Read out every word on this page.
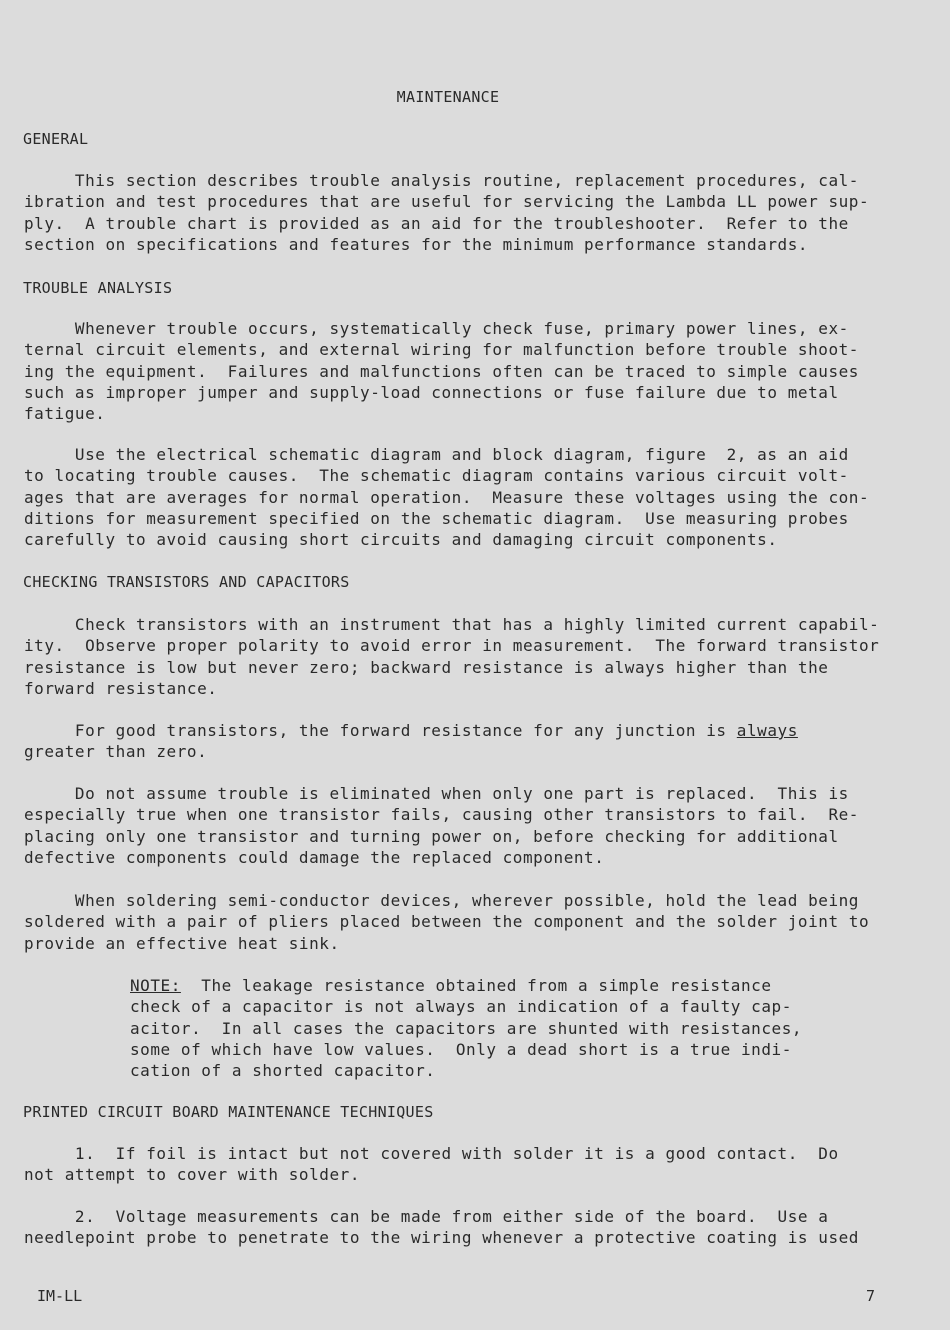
MAINTENANCE
GENERAL
This section describes trouble analysis routine, replacement procedures, cal-
ibration and test procedures that are useful for servicing the Lambda LL power sup-
ply.  A trouble chart is provided as an aid for the troubleshooter.  Refer to the
section on specifications and features for the minimum performance standards.
TROUBLE ANALYSIS
Whenever trouble occurs, systematically check fuse, primary power lines, ex-
ternal circuit elements, and external wiring for malfunction before trouble shoot-
ing the equipment.  Failures and malfunctions often can be traced to simple causes
such as improper jumper and supply-load connections or fuse failure due to metal
fatigue.
Use the electrical schematic diagram and block diagram, figure  2, as an aid
to locating trouble causes.  The schematic diagram contains various circuit volt-
ages that are averages for normal operation.  Measure these voltages using the con-
ditions for measurement specified on the schematic diagram.  Use measuring probes
carefully to avoid causing short circuits and damaging circuit components.
CHECKING TRANSISTORS AND CAPACITORS
Check transistors with an instrument that has a highly limited current capabil-
ity.  Observe proper polarity to avoid error in measurement.  The forward transistor
resistance is low but never zero; backward resistance is always higher than the
forward resistance.
For good transistors, the forward resistance for any junction is always
greater than zero.
Do not assume trouble is eliminated when only one part is replaced.  This is
especially true when one transistor fails, causing other transistors to fail.  Re-
placing only one transistor and turning power on, before checking for additional
defective components could damage the replaced component.
When soldering semi-conductor devices, wherever possible, hold the lead being
soldered with a pair of pliers placed between the component and the solder joint to
provide an effective heat sink.
NOTE:  The leakage resistance obtained from a simple resistance
check of a capacitor is not always an indication of a faulty cap-
acitor.  In all cases the capacitors are shunted with resistances,
some of which have low values.  Only a dead short is a true indi-
cation of a shorted capacitor.
PRINTED CIRCUIT BOARD MAINTENANCE TECHNIQUES
1.  If foil is intact but not covered with solder it is a good contact.  Do
not attempt to cover with solder.
2.  Voltage measurements can be made from either side of the board.  Use a
needlepoint probe to penetrate to the wiring whenever a protective coating is used
IM-LL	7
